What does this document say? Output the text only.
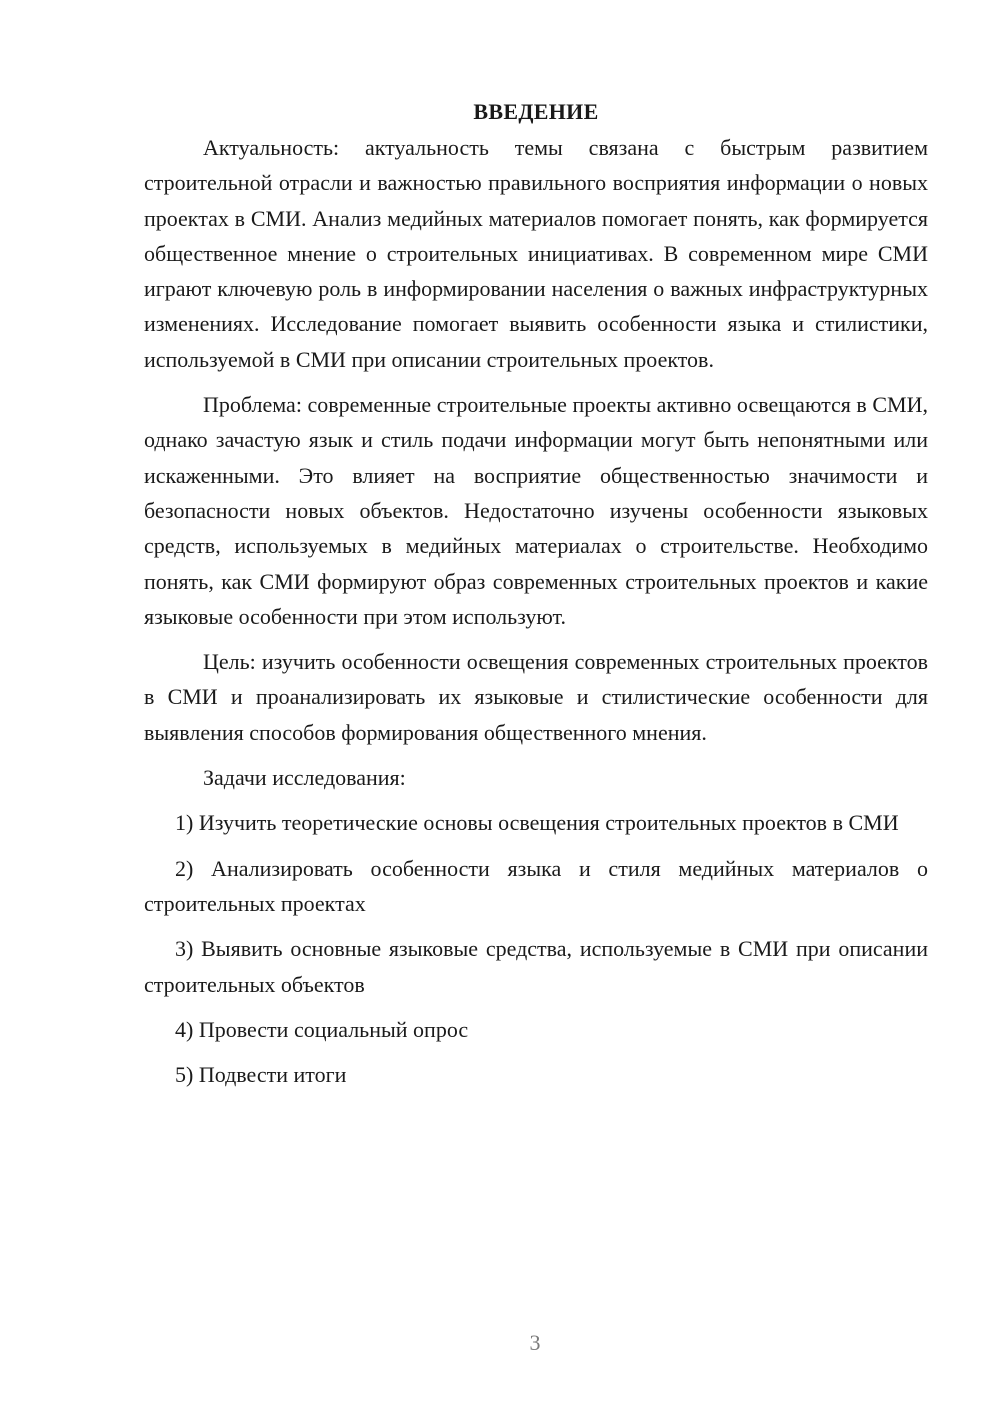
ВВЕДЕНИЕ

Актуальность: актуальность темы связана с быстрым развитием строительной отрасли и важностью правильного восприятия информации о новых проектах в СМИ. Анализ медийных материалов помогает понять, как формируется общественное мнение о строительных инициативах. В современном мире СМИ играют ключевую роль в информировании населения о важных инфраструктурных изменениях. Исследование помогает выявить особенности языка и стилистики, используемой в СМИ при описании строительных проектов.

Проблема: современные строительные проекты активно освещаются в СМИ, однако зачастую язык и стиль подачи информации могут быть непонятными или искаженными. Это влияет на восприятие общественностью значимости и безопасности новых объектов. Недостаточно изучены особенности языковых средств, используемых в медийных материалах о строительстве. Необходимо понять, как СМИ формируют образ современных строительных проектов и какие языковые особенности при этом используют.

Цель: изучить особенности освещения современных строительных проектов в СМИ и проанализировать их языковые и стилистические особенности для выявления способов формирования общественного мнения.

Задачи исследования:

1) Изучить теоретические основы освещения строительных проектов в СМИ

2) Анализировать особенности языка и стиля медийных материалов о строительных проектах

3) Выявить основные языковые средства, используемые в СМИ при описании строительных объектов

4) Провести социальный опрос

5) Подвести итоги

3
